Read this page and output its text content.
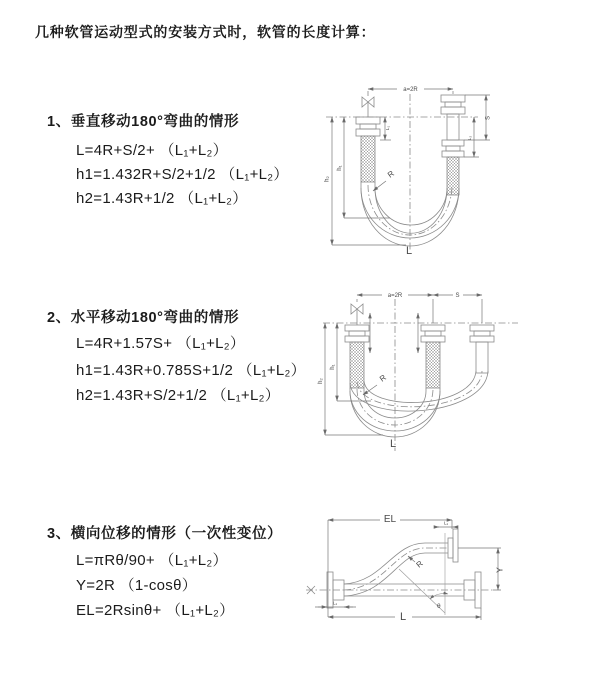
几种软管运动型式的安装方式时，软管的长度计算：
1、垂直移动180°弯曲的情形
L=4R+S/2+ （L₁+L₂）
h1=1.432R+S/2+1/2 （L₁+L₂）
h2=1.43R+1/2 （L₁+L₂）
a=2R
h₂
h₁
L₁
S
L₂
R
L
2、水平移动180°弯曲的情形
L=4R+1.57S+ （L₁+L₂）
h1=1.43R+0.785S+1/2 （L₁+L₂）
h2=1.43R+S/2+1/2 （L₁+L₂）
a=2R	S
h₂
h₁
R
L
3、横向位移的情形（一次性变位）
L=πRθ/90+ （L₁+L₂）
Y=2R （1-cosθ）
EL=2Rsinθ+ （L₁+L₂）
EL	L₁
Y
R
θ
L
L₁
